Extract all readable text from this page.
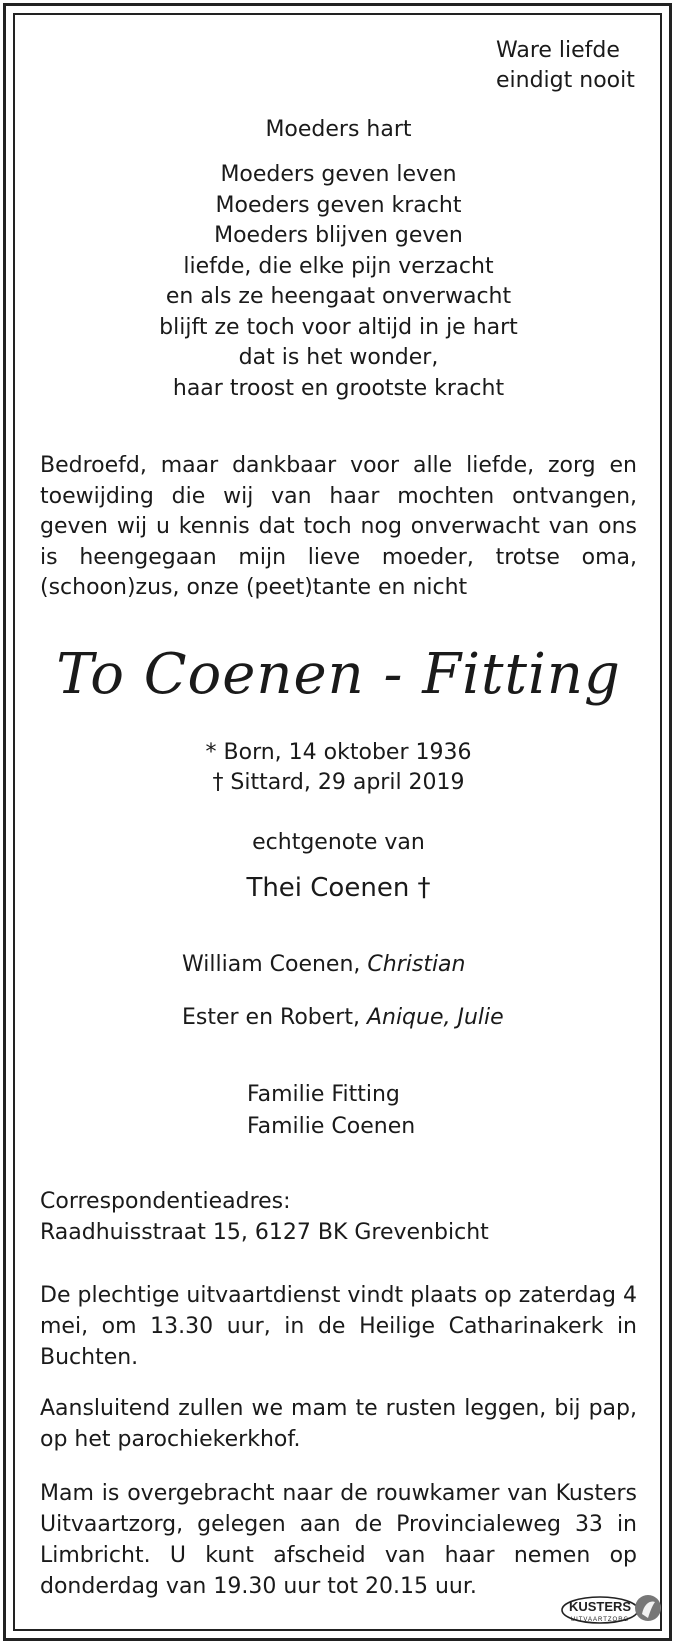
Ware liefde
eindigt nooit
Moeders hart
Moeders geven leven
Moeders geven kracht
Moeders blijven geven
liefde, die elke pijn verzacht
en als ze heengaat onverwacht
blijft ze toch voor altijd in je hart
dat is het wonder,
haar troost en grootste kracht
Bedroefd, maar dankbaar voor alle liefde, zorg en toewijding die wij van haar mochten ontvangen, geven wij u kennis dat toch nog onverwacht van ons is heengegaan mijn lieve moeder, trotse oma, (schoon)zus, onze (peet)tante en nicht
To Coenen - Fitting
* Born, 14 oktober 1936
† Sittard, 29 april 2019
echtgenote van
Thei Coenen †
William Coenen, Christian
Ester en Robert, Anique, Julie
Familie Fitting
Familie Coenen
Correspondentieadres:
Raadhuisstraat 15, 6127 BK Grevenbicht
De plechtige uitvaartdienst vindt plaats op zaterdag 4 mei, om 13.30 uur, in de Heilige Catharinakerk in Buchten.
Aansluitend zullen we mam te rusten leggen, bij pap, op het parochiekerkhof.
Mam is overgebracht naar de rouwkamer van Kusters Uitvaartzorg, gelegen aan de Provincialeweg 33 in Limbricht. U kunt afscheid van haar nemen op donderdag van 19.30 uur tot 20.15 uur.
KUSTERS
UITVAARTZORG
